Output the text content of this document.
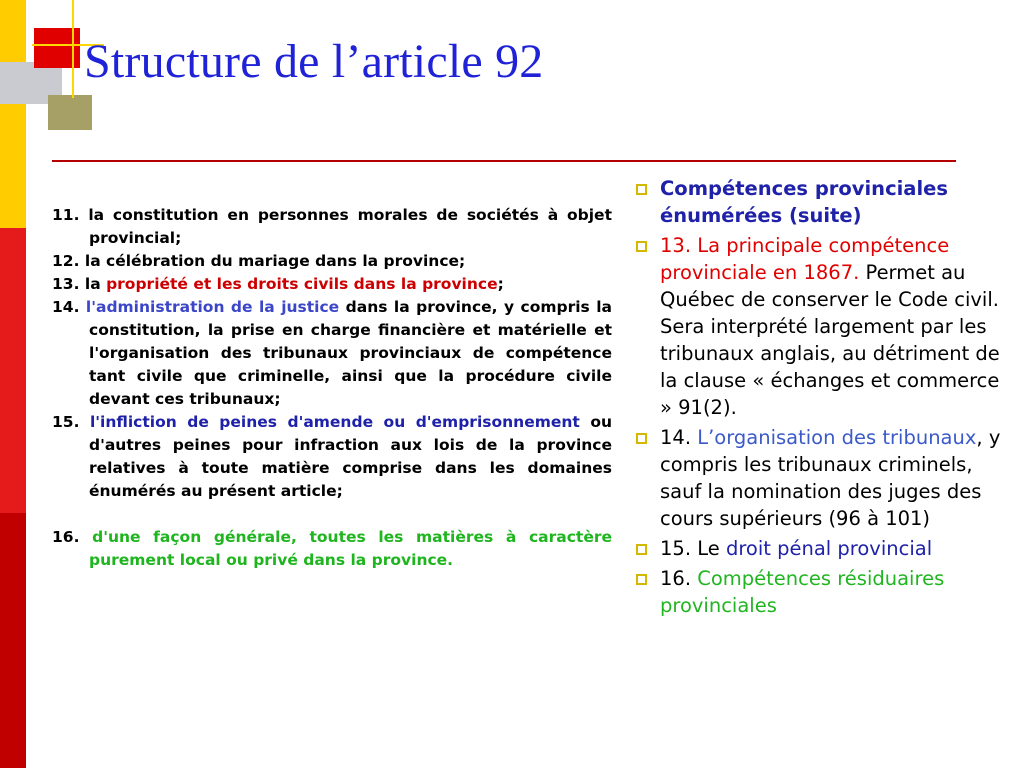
Structure de l’article 92
11. la constitution en personnes morales de sociétés à objet provincial;
12. la célébration du mariage dans la province;
13. la propriété et les droits civils dans la province;
14. l'administration de la justice dans la province, y compris la constitution, la prise en charge financière et matérielle et l'organisation des tribunaux provinciaux de compétence tant civile que criminelle, ainsi que la procédure civile devant ces tribunaux;
15. l'infliction de peines d'amende ou d'emprisonnement ou d'autres peines pour infraction aux lois de la province relatives à toute matière comprise dans les domaines énumérés au présent article;
16. d'une façon générale, toutes les matières à caractère purement local ou privé dans la province.
Compétences provinciales énumérées (suite)
13. La principale compétence provinciale en 1867. Permet au Québec de conserver le Code civil. Sera interprété largement par les tribunaux anglais, au détriment de la clause « échanges et commerce » 91(2).
14. L’organisation des tribunaux, y compris les tribunaux criminels, sauf la nomination des juges des cours supérieurs (96 à 101)
15. Le droit pénal provincial
16. Compétences résiduaires provinciales
